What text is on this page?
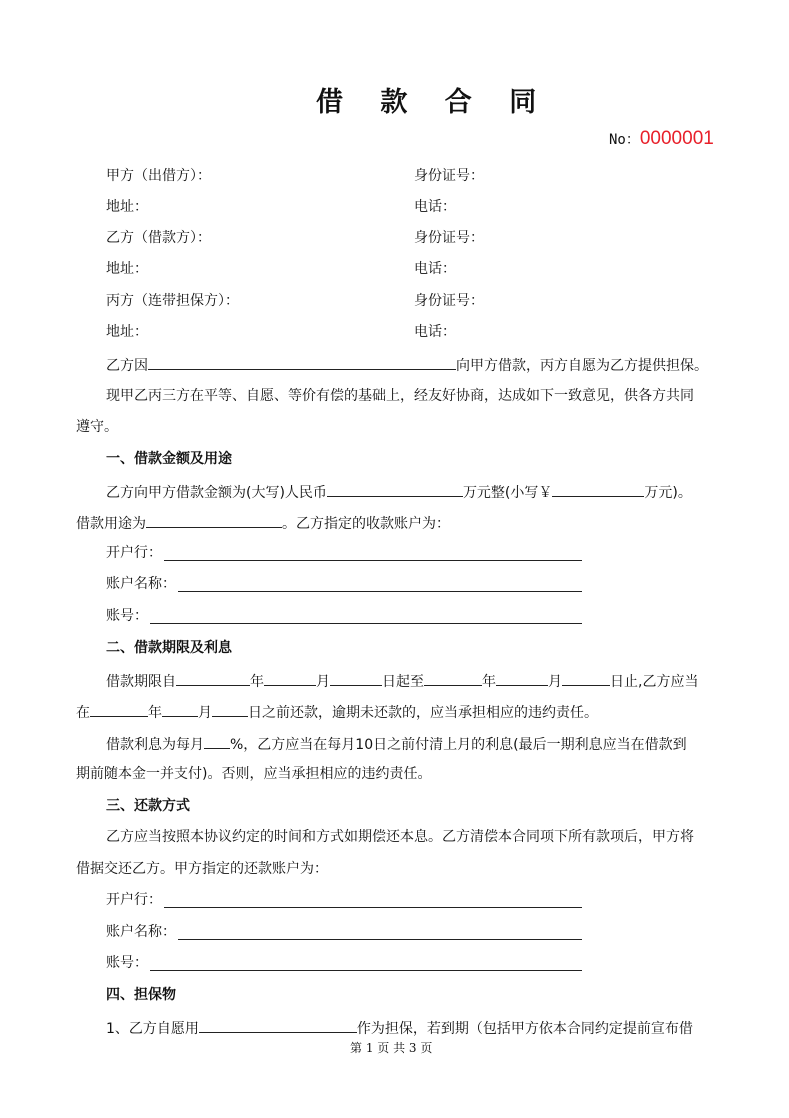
借 款 合 同
No：0000001
甲方（出借方）：	身份证号：
地址：	电话：
乙方（借款方）：	身份证号：
地址：	电话：
丙方（连带担保方）：	身份证号：
地址：	电话：
乙方因	向甲方借款，丙方自愿为乙方提供担保。
现甲乙丙三方在平等、自愿、等价有偿的基础上，经友好协商，达成如下一致意见，供各方共同
遵守。
一、借款金额及用途
乙方向甲方借款金额为(大写)人民币	万元整(小写￥	万元)。
借款用途为	。乙方指定的收款账户为：
开户行：
账户名称：
账号：
二、借款期限及利息
借款期限自	年	月	日起至	年	月	日止,乙方应当
在	年	月	日之前还款，逾期未还款的，应当承担相应的违约责任。
借款利息为每月 %，乙方应当在每月10日之前付清上月的利息(最后一期利息应当在借款到
期前随本金一并支付)。否则，应当承担相应的违约责任。
三、还款方式
乙方应当按照本协议约定的时间和方式如期偿还本息。乙方清偿本合同项下所有款项后，甲方将
借据交还乙方。甲方指定的还款账户为：
开户行：
账户名称：
账号：
四、担保物
1、乙方自愿用	作为担保，若到期（包括甲方依本合同约定提前宣布借
第 1 页 共 3 页
